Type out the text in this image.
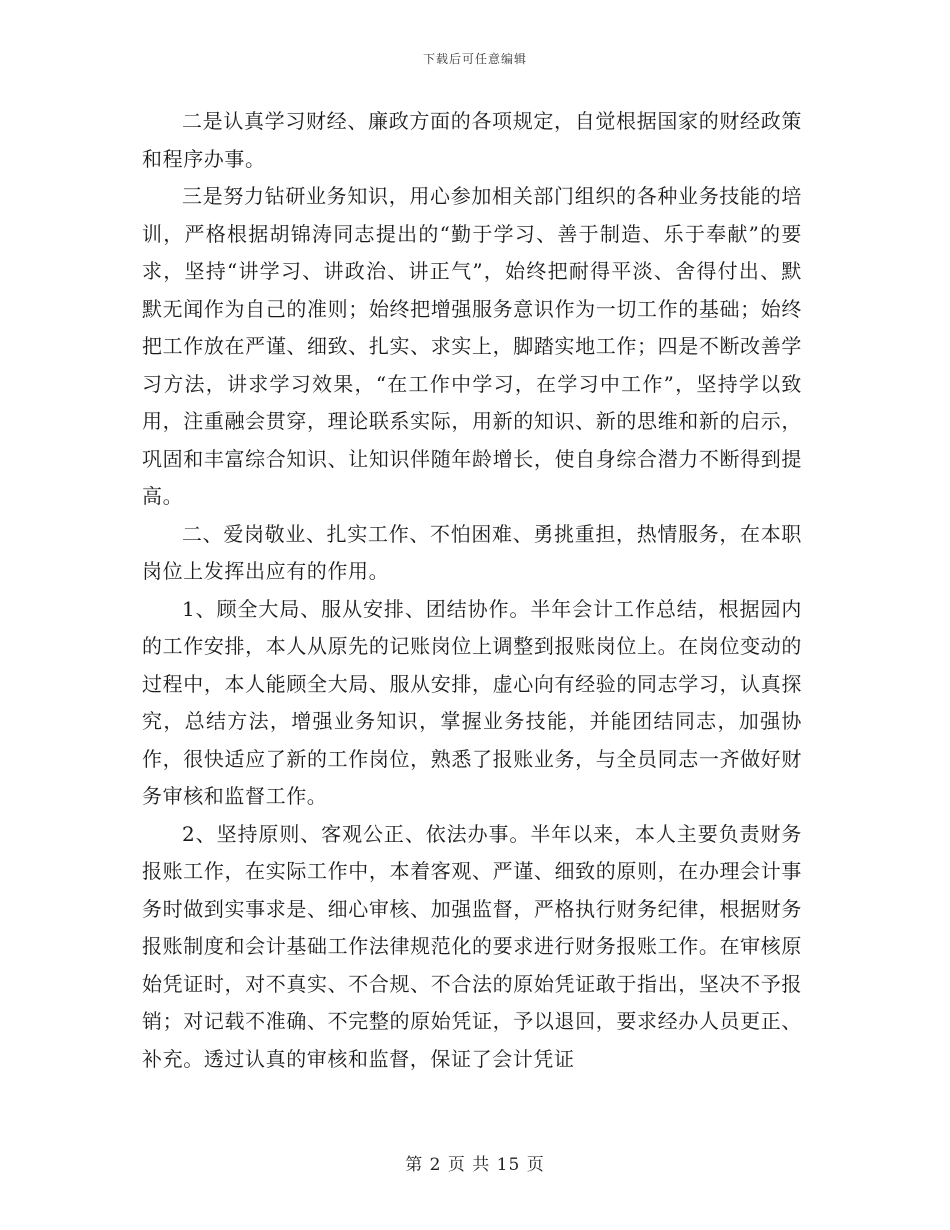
下载后可任意编辑

二是认真学习财经、廉政方面的各项规定，自觉根据国家的财经政策和程序办事。

三是努力钻研业务知识，用心参加相关部门组织的各种业务技能的培训，严格根据胡锦涛同志提出的“勤于学习、善于制造、乐于奉献”的要求，坚持“讲学习、讲政治、讲正气”，始终把耐得平淡、舍得付出、默默无闻作为自己的准则；始终把增强服务意识作为一切工作的基础；始终把工作放在严谨、细致、扎实、求实上，脚踏实地工作；四是不断改善学习方法，讲求学习效果，“在工作中学习，在学习中工作”，坚持学以致用，注重融会贯穿，理论联系实际，用新的知识、新的思维和新的启示，巩固和丰富综合知识、让知识伴随年龄增长，使自身综合潜力不断得到提高。

二、爱岗敬业、扎实工作、不怕困难、勇挑重担，热情服务，在本职岗位上发挥出应有的作用。

1、顾全大局、服从安排、团结协作。半年会计工作总结，根据园内的工作安排，本人从原先的记账岗位上调整到报账岗位上。在岗位变动的过程中，本人能顾全大局、服从安排，虚心向有经验的同志学习，认真探究，总结方法，增强业务知识，掌握业务技能，并能团结同志，加强协作，很快适应了新的工作岗位，熟悉了报账业务，与全员同志一齐做好财务审核和监督工作。

2、坚持原则、客观公正、依法办事。半年以来，本人主要负责财务报账工作，在实际工作中，本着客观、严谨、细致的原则，在办理会计事务时做到实事求是、细心审核、加强监督，严格执行财务纪律，根据财务报账制度和会计基础工作法律规范化的要求进行财务报账工作。在审核原始凭证时，对不真实、不合规、不合法的原始凭证敢于指出，坚决不予报销；对记载不准确、不完整的原始凭证，予以退回，要求经办人员更正、补充。透过认真的审核和监督，保证了会计凭证

第 2 页 共 15 页
